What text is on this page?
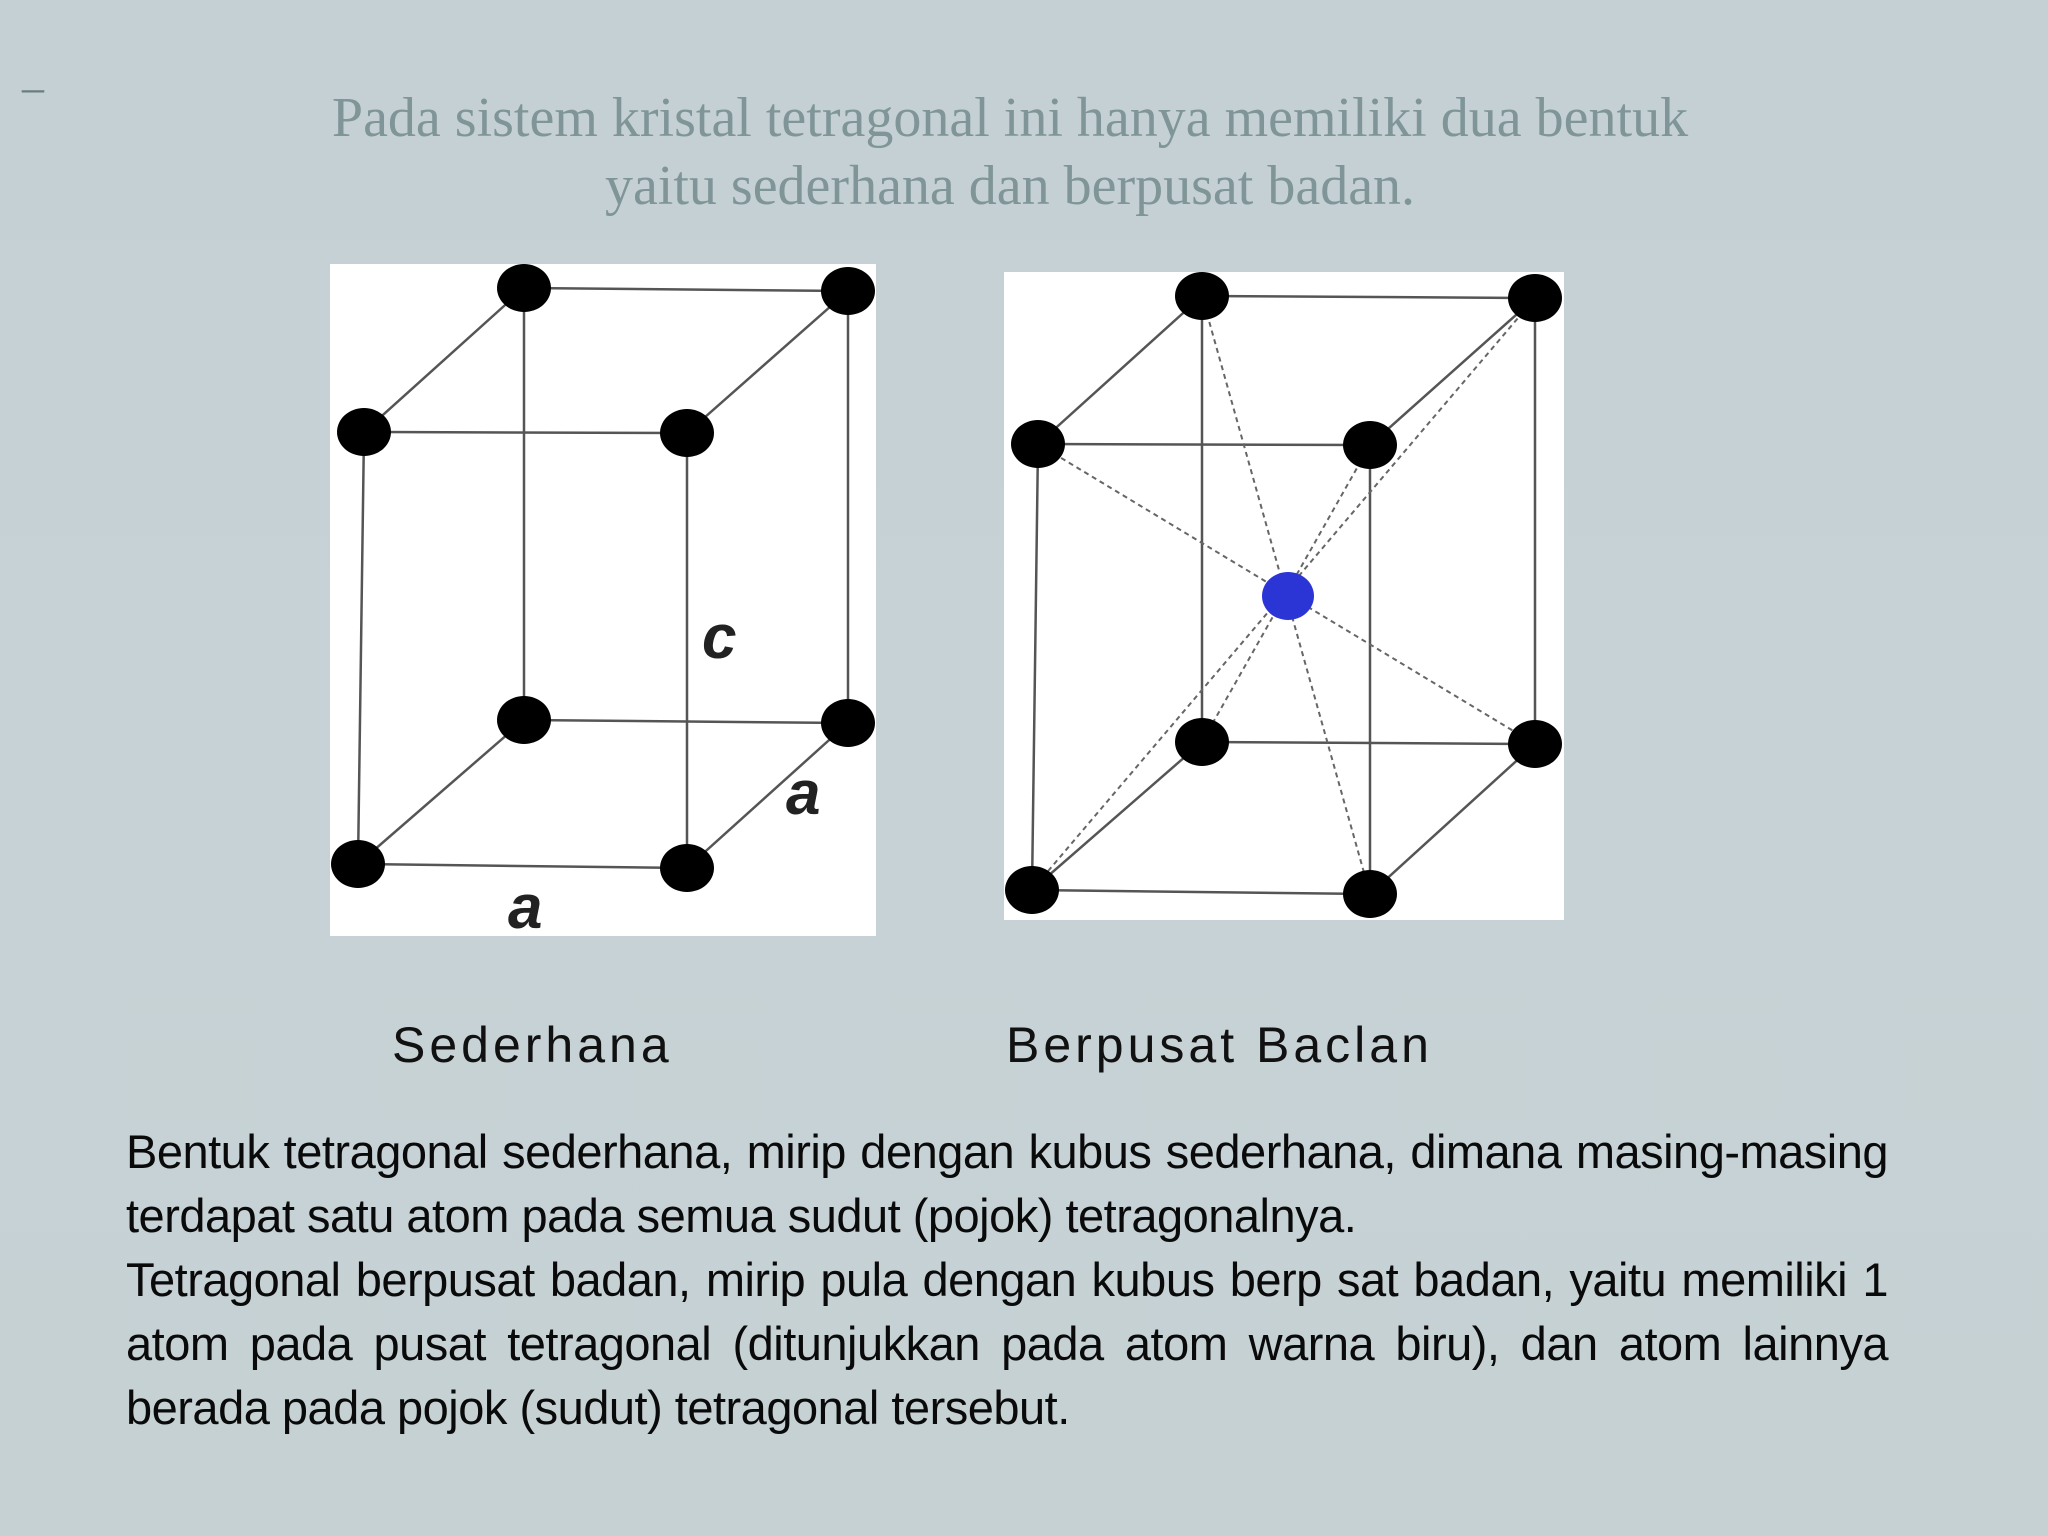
–	Pada sistem kristal tetragonal ini hanya memiliki dua bentuk
yaitu sederhana dan berpusat badan.
c
a
a
Sederhana	Berpusat Baclan

Bentuk tetragonal sederhana, mirip dengan kubus sederhana, dimana masing-masing terdapat satu atom pada semua sudut (pojok) tetragonalnya.

Tetragonal berpusat badan, mirip pula dengan kubus berp sat badan, yaitu memiliki 1 atom pada pusat tetragonal (ditunjukkan pada atom warna biru), dan atom lainnya berada pada pojok (sudut) tetragonal tersebut.
